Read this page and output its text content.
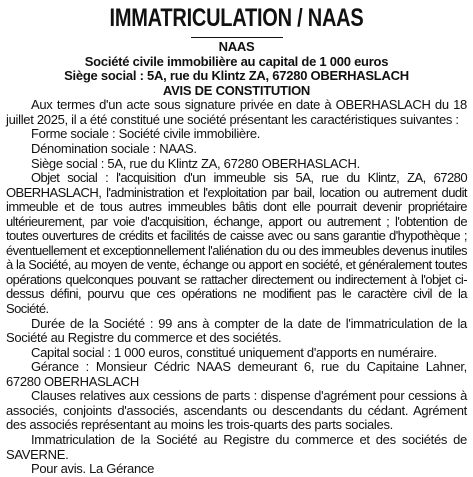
IMMATRICULATION / NAAS
NAAS
Société civile immobilière au capital de 1 000 euros
Siège social : 5A, rue du Klintz ZA, 67280 OBERHASLACH
AVIS DE CONSTITUTION

Aux termes d'un acte sous signature privée en date à OBERHASLACH du 18 juillet 2025, il a été constitué une société présentant les caractéristiques suivantes :

Forme sociale : Société civile immobilière.

Dénomination sociale : NAAS.

Siège social : 5A, rue du Klintz ZA, 67280 OBERHASLACH.

Objet social : l'acquisition d'un immeuble sis 5A, rue du Klintz, ZA, 67280 OBERHASLACH, l'administration et l'exploitation par bail, location ou autrement dudit immeuble et de tous autres immeubles bâtis dont elle pourrait devenir propriétaire ultérieurement, par voie d'acquisition, échange, apport ou autrement ; l'obtention de toutes ouvertures de crédits et facilités de caisse avec ou sans garantie d'hypothèque ; éventuellement et exceptionnellement l'aliénation du ou des immeubles devenus inutiles à la Société, au moyen de vente, échange ou apport en société, et généralement toutes opérations quelconques pouvant se rattacher directement ou indirectement à l'objet ci-dessus défini, pourvu que ces opérations ne modifient pas le caractère civil de la Société.

Durée de la Société : 99 ans à compter de la date de l'immatriculation de la Société au Registre du commerce et des sociétés.

Capital social : 1 000 euros, constitué uniquement d'apports en numéraire.

Gérance : Monsieur Cédric NAAS demeurant 6, rue du Capitaine Lahner, 67280 OBERHASLACH

Clauses relatives aux cessions de parts : dispense d'agrément pour cessions à associés, conjoints d'associés, ascendants ou descendants du cédant. Agrément des associés représentant au moins les trois-quarts des parts sociales.

Immatriculation de la Société au Registre du commerce et des sociétés de SAVERNE.

Pour avis. La Gérance
